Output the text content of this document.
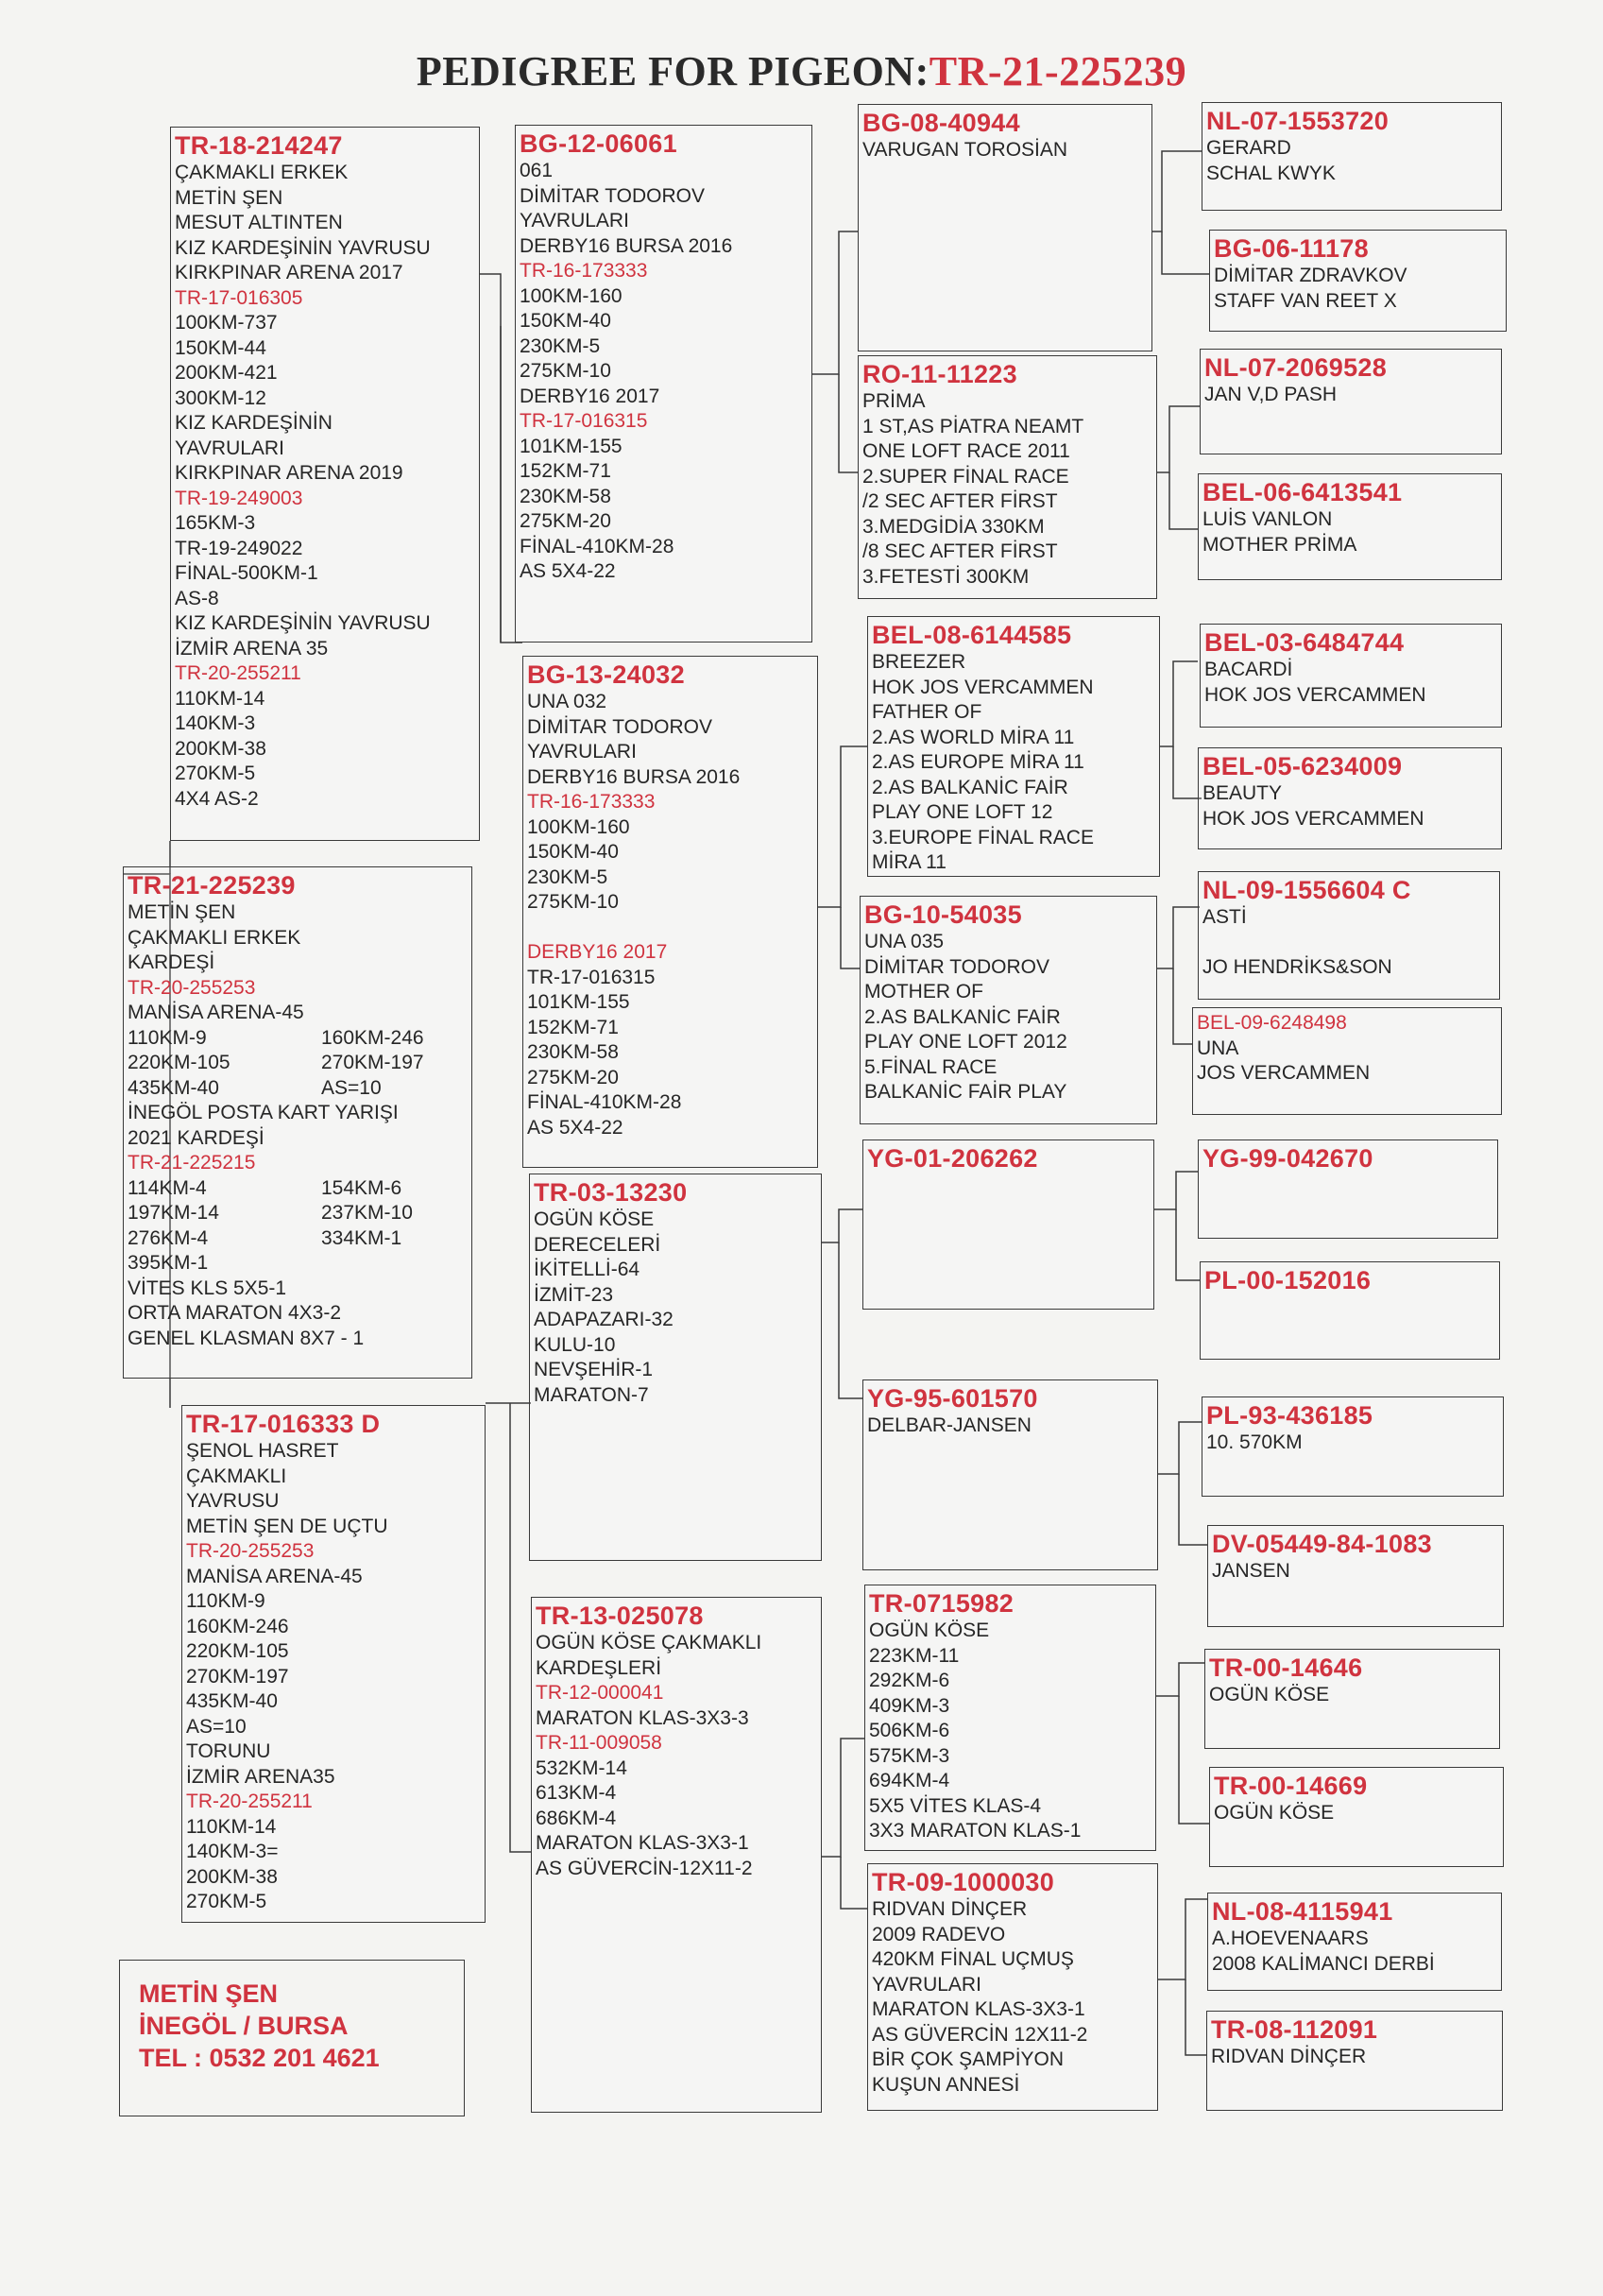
PEDIGREE FOR PIGEON:TR-21-225239
TR-21-225239
METİN ŞEN
ÇAKMAKLI ERKEK
KARDEŞİ
TR-20-255253
MANİSA ARENA-45
110KM-9	160KM-246
220KM-105	270KM-197
435KM-40	AS=10
İNEGÖL POSTA KART YARIŞI
2021 KARDEŞİ
TR-21-225215
114KM-4	154KM-6
197KM-14	237KM-10
276KM-4	334KM-1
395KM-1
VİTES KLS 5X5-1
ORTA MARATON 4X3-2
GENEL KLASMAN 8X7 - 1
TR-18-214247
ÇAKMAKLI ERKEK
METİN ŞEN
MESUT ALTINTEN
KIZ KARDEŞİNİN YAVRUSU
KIRKPINAR ARENA 2017
TR-17-016305
100KM-737
150KM-44
200KM-421
300KM-12
KIZ KARDEŞİNİN
YAVRULARI
KIRKPINAR ARENA 2019
TR-19-249003
165KM-3
TR-19-249022
FİNAL-500KM-1
AS-8
KIZ KARDEŞİNİN YAVRUSU
İZMİR ARENA 35
TR-20-255211
110KM-14
140KM-3
200KM-38
270KM-5
4X4 AS-2
TR-17-016333 D
ŞENOL HASRET
ÇAKMAKLI
YAVRUSU
METİN ŞEN DE UÇTU
TR-20-255253
MANİSA ARENA-45
110KM-9
160KM-246
220KM-105
270KM-197
435KM-40
AS=10
TORUNU
İZMİR ARENA35
TR-20-255211
110KM-14
140KM-3=
200KM-38
270KM-5
METİN ŞEN
İNEGÖL / BURSA
TEL : 0532 201 4621
BG-12-06061
061
DİMİTAR TODOROV
YAVRULARI
DERBY16 BURSA 2016
TR-16-173333
100KM-160
150KM-40
230KM-5
275KM-10
DERBY16 2017
TR-17-016315
101KM-155
152KM-71
230KM-58
275KM-20
FİNAL-410KM-28
AS 5X4-22
BG-13-24032
UNA 032
DİMİTAR TODOROV
YAVRULARI
DERBY16 BURSA 2016
TR-16-173333
100KM-160
150KM-40
230KM-5
275KM-10

DERBY16 2017
TR-17-016315
101KM-155
152KM-71
230KM-58
275KM-20
FİNAL-410KM-28
AS 5X4-22
TR-03-13230
OGÜN KÖSE
DERECELERİ
İKİTELLİ-64
İZMİT-23
ADAPAZARI-32
KULU-10
NEVŞEHİR-1
MARATON-7
TR-13-025078
OGÜN KÖSE ÇAKMAKLI
KARDEŞLERİ
TR-12-000041
MARATON KLAS-3X3-3
TR-11-009058
532KM-14
613KM-4
686KM-4
MARATON KLAS-3X3-1
AS GÜVERCİN-12X11-2
BG-08-40944
VARUGAN TOROSİAN
RO-11-11223
PRİMA
1 ST,AS PİATRA NEAMT
ONE LOFT RACE 2011
2.SUPER FİNAL RACE
/2 SEC AFTER FİRST
3.MEDGİDİA 330KM
/8 SEC AFTER FİRST
3.FETESTİ 300KM
BEL-08-6144585
BREEZER
HOK JOS VERCAMMEN
FATHER OF
2.AS WORLD MİRA 11
2.AS EUROPE MİRA 11
2.AS BALKANİC FAİR
PLAY ONE LOFT 12
3.EUROPE FİNAL RACE
MİRA 11
BG-10-54035
UNA 035
DİMİTAR TODOROV
MOTHER OF
2.AS BALKANİC FAİR
PLAY ONE LOFT 2012
5.FİNAL RACE
BALKANİC FAİR PLAY
YG-01-206262
YG-95-601570
DELBAR-JANSEN
TR-0715982
OGÜN KÖSE
223KM-11
292KM-6
409KM-3
506KM-6
575KM-3
694KM-4
5X5 VİTES KLAS-4
3X3 MARATON KLAS-1
TR-09-1000030
RIDVAN DİNÇER
2009 RADEVO
420KM FİNAL UÇMUŞ
YAVRULARI
MARATON KLAS-3X3-1
AS GÜVERCİN 12X11-2
BİR ÇOK ŞAMPİYON
KUŞUN ANNESİ
NL-07-1553720
GERARD
SCHAL KWYK
BG-06-11178
DİMİTAR ZDRAVKOV
STAFF VAN REET X
NL-07-2069528
JAN V,D PASH
BEL-06-6413541
LUİS VANLON
MOTHER PRİMA
BEL-03-6484744
BACARDİ
HOK JOS VERCAMMEN
BEL-05-6234009
BEAUTY
HOK JOS VERCAMMEN
NL-09-1556604 C
ASTİ

JO HENDRİKS&SON
BEL-09-6248498
UNA
JOS VERCAMMEN
YG-99-042670
PL-00-152016
PL-93-436185
10. 570KM
DV-05449-84-1083
JANSEN
TR-00-14646
OGÜN KÖSE
TR-00-14669
OGÜN KÖSE
NL-08-4115941
A.HOEVENAARS
2008 KALİMANCI DERBİ
TR-08-112091
RIDVAN DİNÇER
